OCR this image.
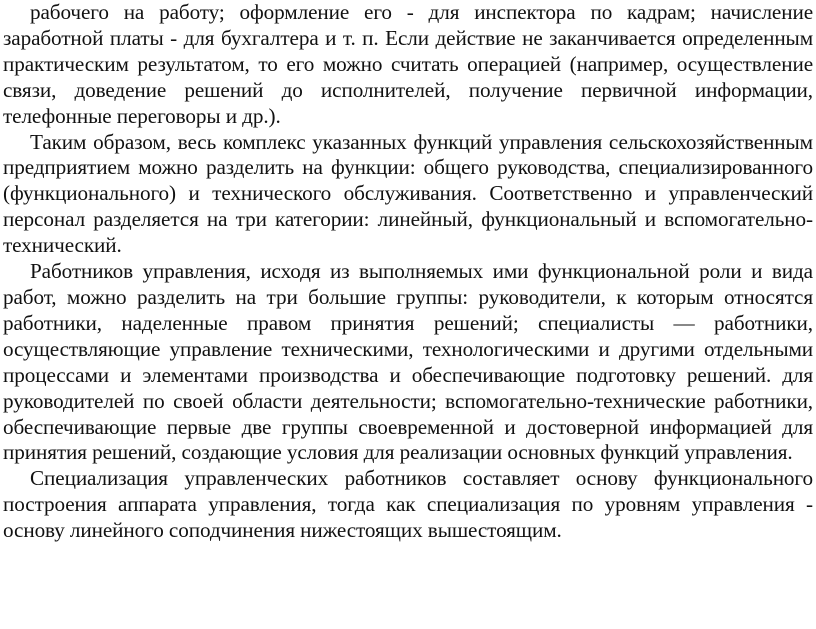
рабочего на работу; оформление его - для инспектора по кадрам; начисление заработной платы - для бухгалтера и т. п. Если действие не заканчивается определенным практическим результатом, то его можно считать операцией (например, осуществление связи, доведение решений до исполнителей, получение первичной информации, телефонные переговоры и др.).

Таким образом, весь комплекс указанных функций управления сельскохозяйственным предприятием можно разделить на функции: общего руководства, специализированного (функционального) и технического обслуживания. Соответственно и управленческий персонал разделяется на три категории: линейный, функциональный и вспомогательно-технический.

Работников управления, исходя из выполняемых ими функциональной роли и вида работ, можно разделить на три большие группы: руководители, к которым относятся работники, наделенные правом принятия решений; специалисты — работники, осуществляющие управление техническими, технологическими и другими отдельными процессами и элементами производства и обеспечивающие подготовку решений. для руководителей по своей области деятельности; вспомогательно-технические работники, обеспечивающие первые две группы своевременной и достоверной информацией для принятия решений, создающие условия для реализации основных функций управления.

Специализация управленческих работников составляет основу функционального построения аппарата управления, тогда как специализация по уровням управления - основу линейного соподчинения нижестоящих вышестоящим.
